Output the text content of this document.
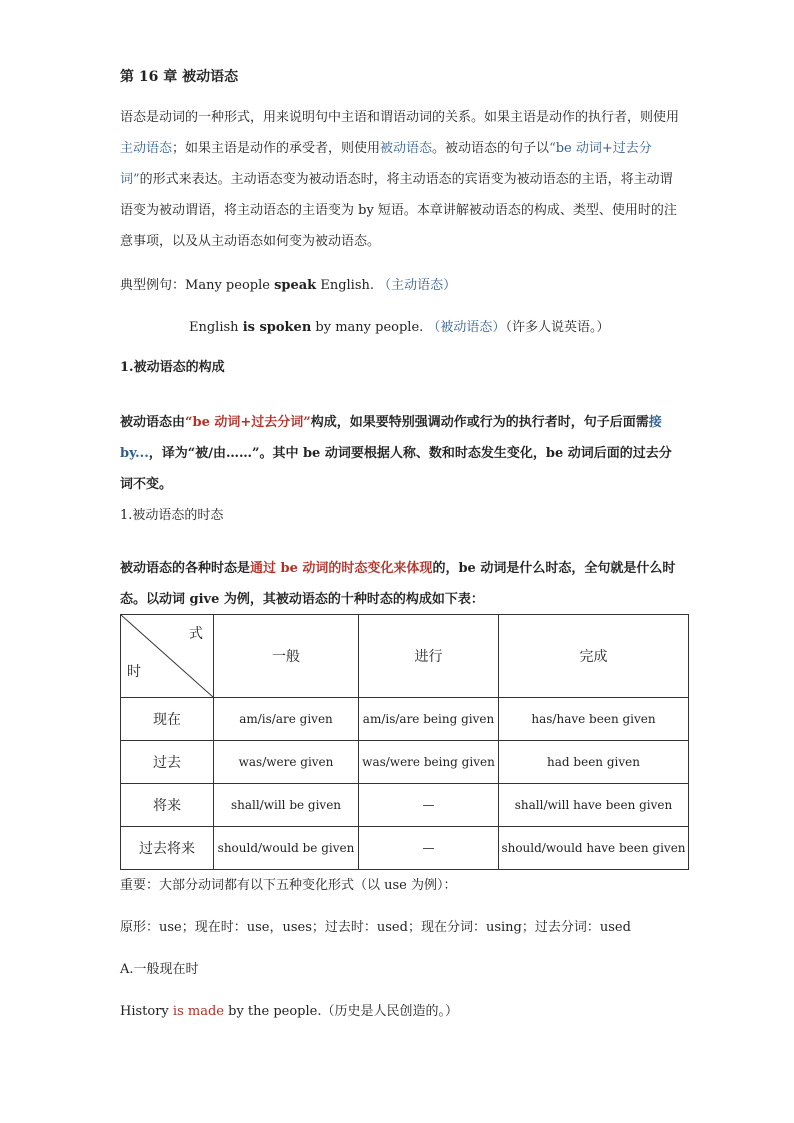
第 16 章 被动语态

语态是动词的一种形式，用来说明句中主语和谓语动词的关系。如果主语是动作的执行者，则使用主动语态；如果主语是动作的承受者，则使用被动语态。被动语态的句子以“be 动词+过去分词”的形式来表达。主动语态变为被动语态时，将主动语态的宾语变为被动语态的主语，将主动谓语变为被动谓语，将主动语态的主语变为 by 短语。本章讲解被动语态的构成、类型、使用时的注意事项，以及从主动语态如何变为被动语态。

典型例句：Many people speak English. （主动语态）

English is spoken by many people. （被动语态）（许多人说英语。）

1.被动语态的构成

被动语态由“be 动词+过去分词”构成，如果要特别强调动作或行为的执行者时，句子后面需接 by...，译为“被/由……”。其中 be 动词要根据人称、数和时态发生变化，be 动词后面的过去分词不变。

1.被动语态的时态

被动语态的各种时态是通过 be 动词的时态变化来体现的，be 动词是什么时态，全句就是什么时态。以动词 give 为例，其被动语态的十种时态的构成如下表：

式
时	一般	进行	完成
现在	am/is/are given	am/is/are being given	has/have been given
过去	was/were given	was/were being given	had been given
将来	shall/will be given	—	shall/will have been given
过去将来	should/would be given	—	should/would have been given

重要：大部分动词都有以下五种变化形式（以 use 为例）：

原形：use；现在时：use，uses；过去时：used；现在分词：using；过去分词：used

A.一般现在时

History is made by the people.（历史是人民创造的。）
